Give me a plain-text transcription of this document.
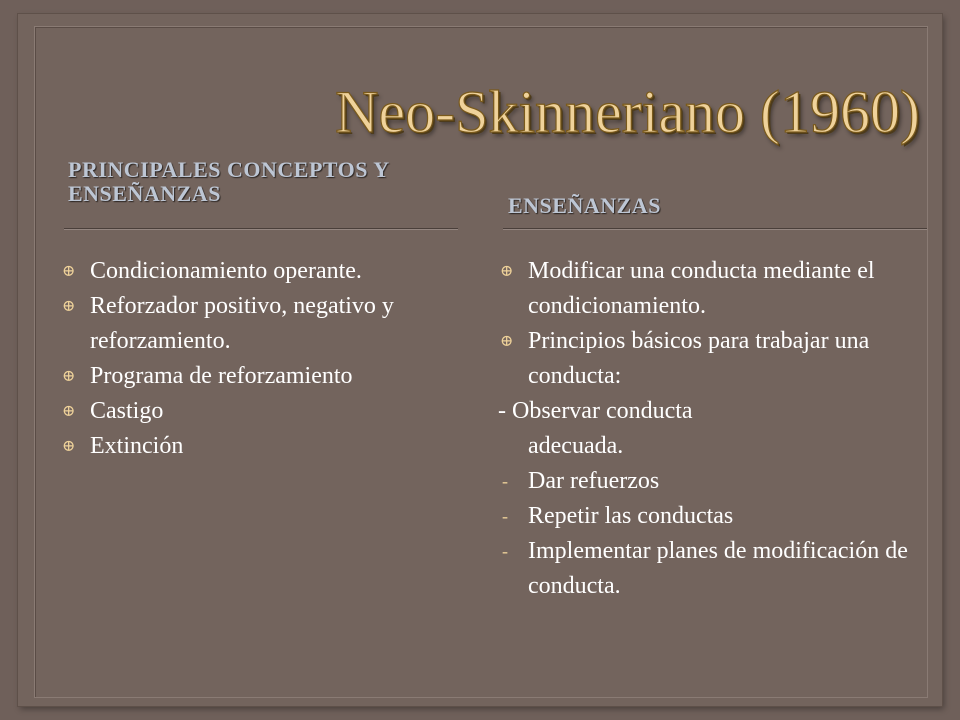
Neo-Skinneriano (1960)
PRINCIPALES CONCEPTOS Y ENSEÑANZAS	ENSEÑANZAS
⊕ Condicionamiento operante.
⊕ Reforzador positivo, negativo y reforzamiento.
⊕ Programa de reforzamiento
⊕ Castigo
⊕ Extinción
⊕ Modificar una conducta mediante el condicionamiento.
⊕ Principios básicos para trabajar una conducta:
- Observar conducta
adecuada.
- Dar refuerzos
- Repetir las conductas
- Implementar planes de modificación de conducta.
